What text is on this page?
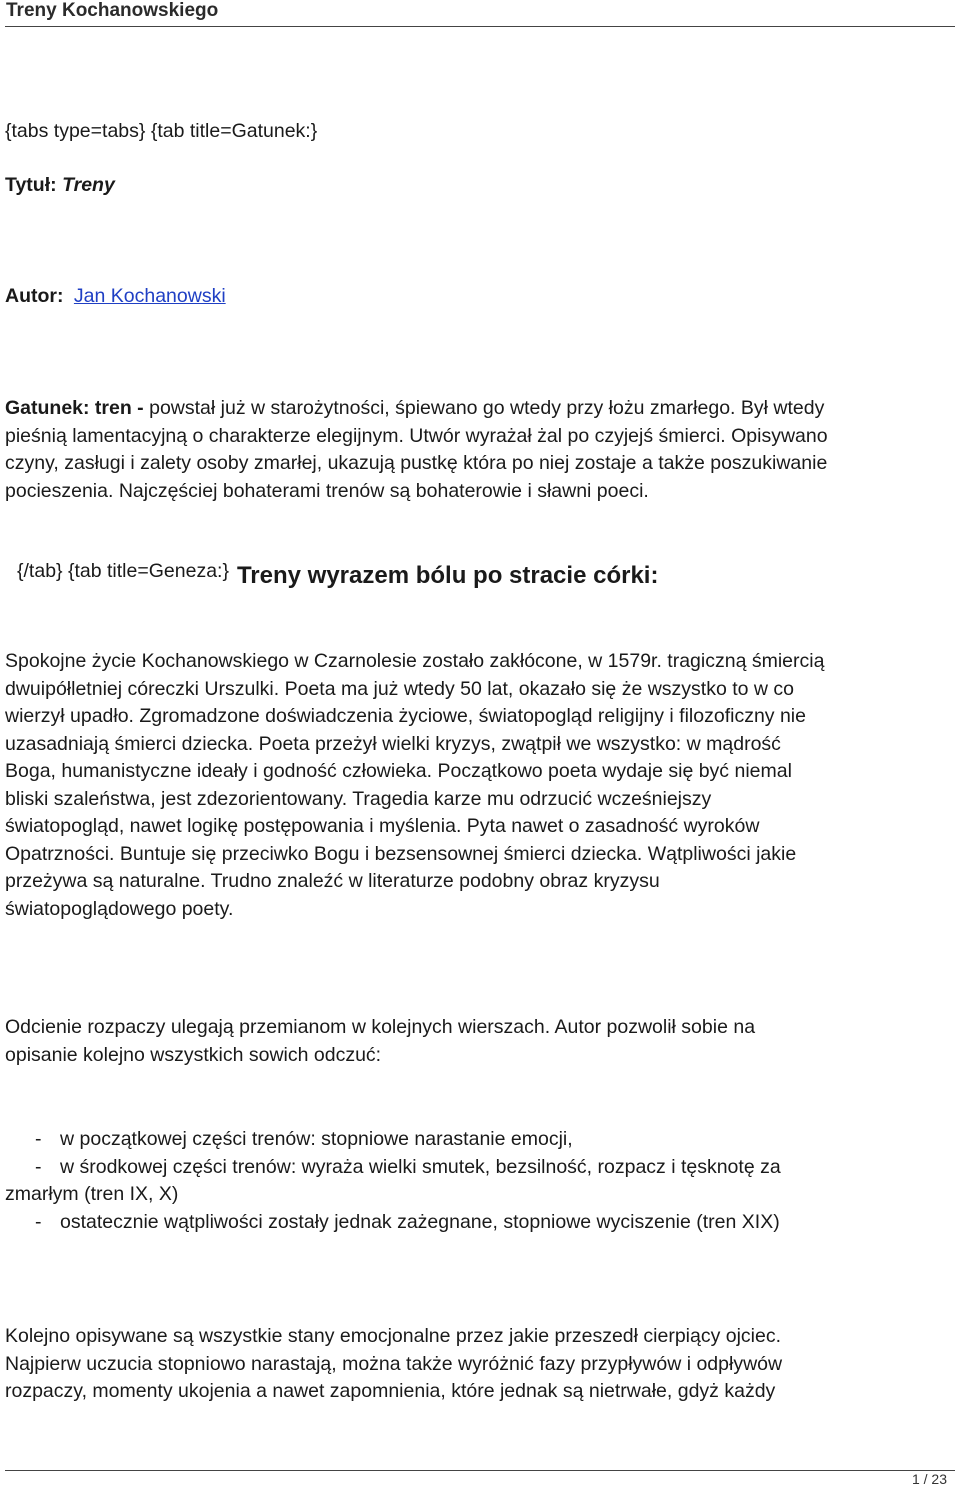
Treny Kochanowskiego
{tabs type=tabs} {tab title=Gatunek:}
Tytuł: Treny
Autor: Jan Kochanowski
Gatunek: tren - powstał już w starożytności, śpiewano go wtedy przy łożu zmarłego. Był wtedy
pieśnią lamentacyjną o charakterze elegijnym. Utwór wyrażał żal po czyjejś śmierci. Opisywano
czyny, zasługi i zalety osoby zmarłej, ukazują pustkę która po niej zostaje a także poszukiwanie
pocieszenia. Najczęściej bohaterami trenów są bohaterowie i sławni poeci.
{/tab} {tab title=Geneza:} Treny wyrazem bólu po stracie córki:
Spokojne życie Kochanowskiego w Czarnolesie zostało zakłócone, w 1579r. tragiczną śmiercią
dwuipółletniej córeczki Urszulki. Poeta ma już wtedy 50 lat, okazało się że wszystko to w co
wierzył upadło. Zgromadzone doświadczenia życiowe, światopogląd religijny i filozoficzny nie
uzasadniają śmierci dziecka. Poeta przeżył wielki kryzys, zwątpił we wszystko: w mądrość
Boga, humanistyczne ideały i godność człowieka. Początkowo poeta wydaje się być niemal
bliski szaleństwa, jest zdezorientowany. Tragedia karze mu odrzucić wcześniejszy
światopogląd, nawet logikę postępowania i myślenia. Pyta nawet o zasadność wyroków
Opatrzności. Buntuje się przeciwko Bogu i bezsensownej śmierci dziecka. Wątpliwości jakie
przeżywa są naturalne. Trudno znaleźć w literaturze podobny obraz kryzysu
światopoglądowego poety.
Odcienie rozpaczy ulegają przemianom w kolejnych wierszach. Autor pozwolił sobie na
opisanie kolejno wszystkich sowich odczuć:
- w początkowej części trenów: stopniowe narastanie emocji,
- w środkowej części trenów: wyraża wielki smutek, bezsilność, rozpacz i tęsknotę za
zmarłym (tren IX, X)
- ostatecznie wątpliwości zostały jednak zażegnane, stopniowe wyciszenie (tren XIX)
Kolejno opisywane są wszystkie stany emocjonalne przez jakie przeszedł cierpiący ojciec.
Najpierw uczucia stopniowo narastają, można także wyróżnić fazy przypływów i odpływów
rozpaczy, momenty ukojenia a nawet zapomnienia, które jednak są nietrwałe, gdyż każdy
1 / 23
